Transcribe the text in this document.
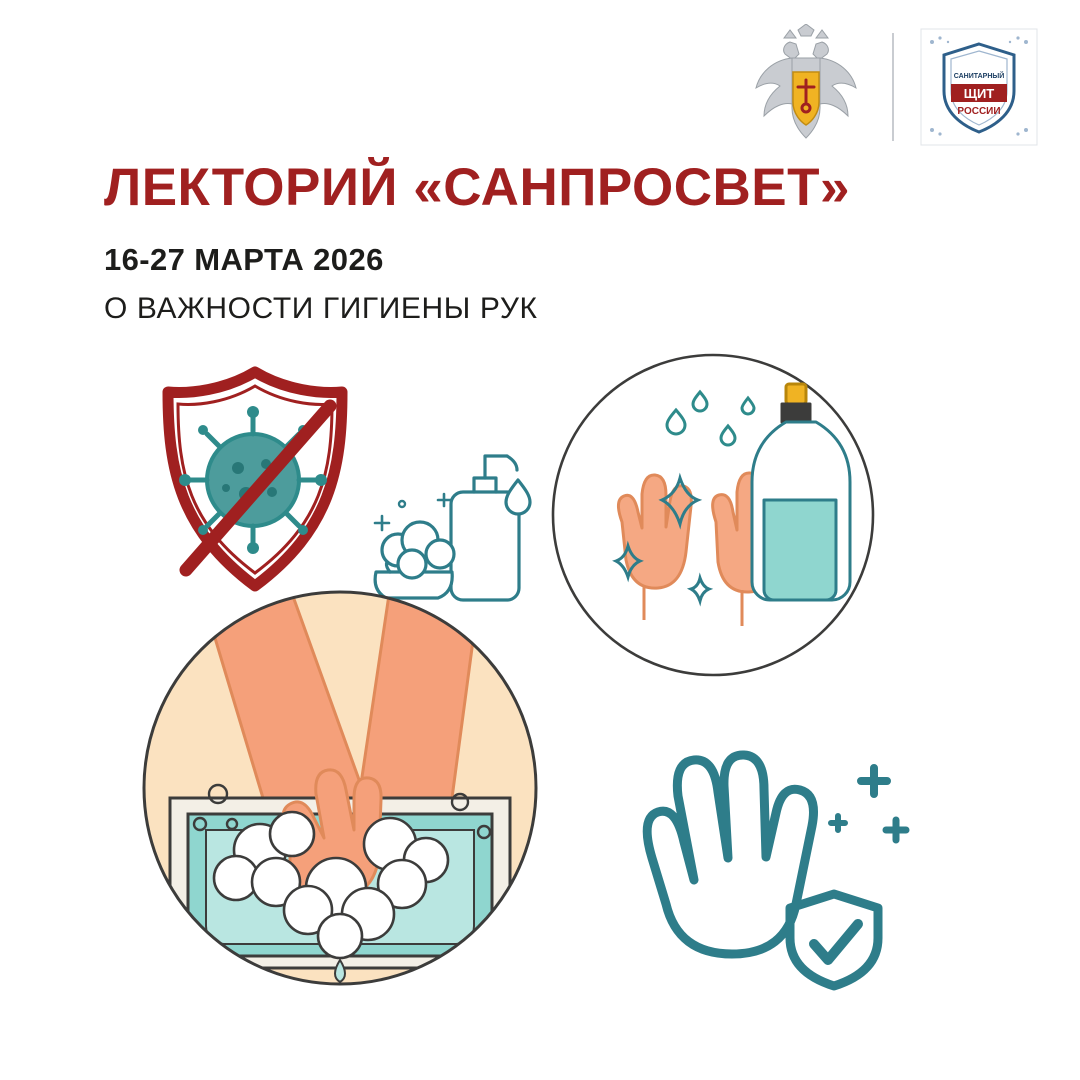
САНИТАРНЫЙ
ЩИТ
РОССИИ
ЛЕКТОРИЙ «САНПРОСВЕТ»
16-27 МАРТА 2026
О ВАЖНОСТИ ГИГИЕНЫ РУК
